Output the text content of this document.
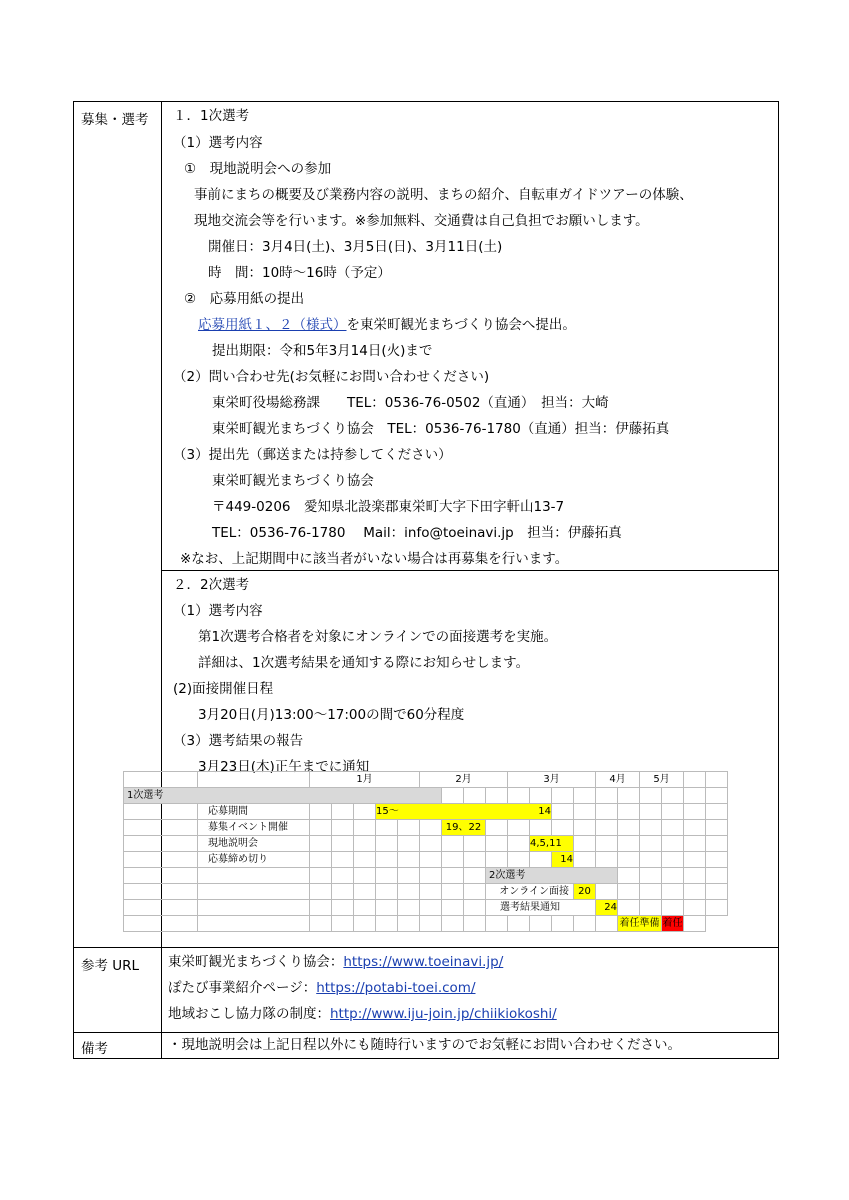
募集・選考	１．1次選考
（1）選考内容
①　現地説明会への参加
事前にまちの概要及び業務内容の説明、まちの紹介、自転車ガイドツアーの体験、
現地交流会等を行います。※参加無料、交通費は自己負担でお願いします。
開催日：3月4日(土)、3月5日(日)、3月11日(土)
時　間：10時～16時（予定）
②　応募用紙の提出
応募用紙１、２（様式）を東栄町観光まちづくり協会へ提出。
提出期限：令和5年3月14日(火)まで
（2）問い合わせ先(お気軽にお問い合わせください)
東栄町役場総務課　　TEL：0536-76-0502（直通）　担当：大崎
東栄町観光まちづくり協会　TEL：0536-76-1780（直通）担当：伊藤拓真
（3）提出先（郵送または持参してください）
東栄町観光まちづくり協会
〒449-0206　愛知県北設楽郡東栄町大字下田字軒山13-7
TEL：0536-76-1780　 Mail：info@toeinavi.jp　担当：伊藤拓真
※なお、上記期間中に該当者がいない場合は再募集を行います。
２．2次選考
（1）選考内容
第1次選考合格者を対象にオンラインでの面接選考を実施。
詳細は、1次選考結果を通知する際にお知らせします。
(2)面接開催日程
3月20日(月)13:00～17:00の間で60分程度
（3）選考結果の報告
3月23日(木)正午までに通知
参考 URL	東栄町観光まちづくり協会：https://www.toeinavi.jp/
ぽたび事業紹介ページ：https://potabi-toei.com/
地域おこし協力隊の制度：http://www.iju-join.jp/chiikiokoshi/
備考	・現地説明会は上記日程以外にも随時行いますのでお気軽にお問い合わせください。
		1月					2月				3月				4月		5月			
1次選考																				
	応募期間				15～ 14															

	募集イベント開催							19、22												
	現地説明会											4,5,11								
	応募締め切り												14							
										2次選考										
										オンライン面接				20						
										選考結果通知					24					
																着任準備		着任		
